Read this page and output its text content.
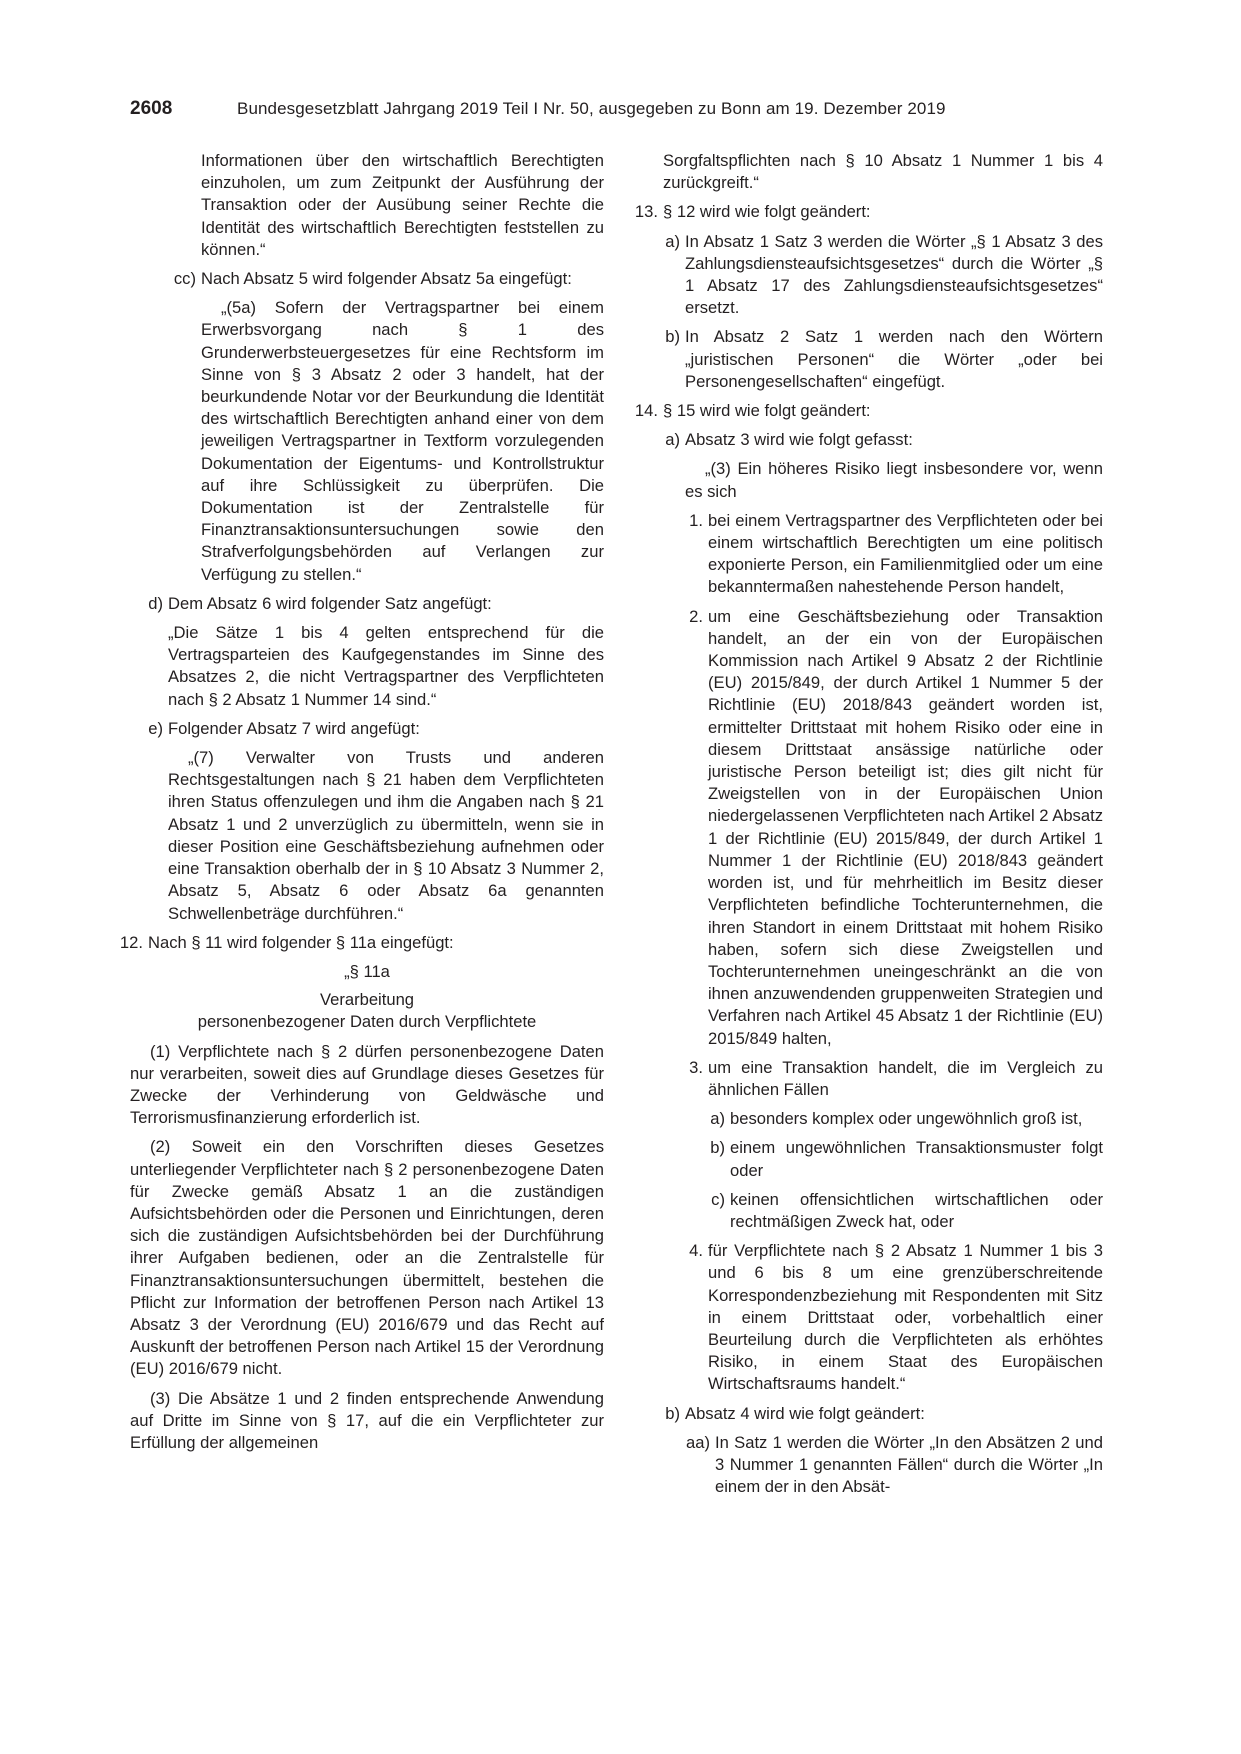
2608	Bundesgesetzblatt Jahrgang 2019 Teil I Nr. 50, ausgegeben zu Bonn am 19. Dezember 2019
Informationen über den wirtschaftlich Berechtigten einzuholen, um zum Zeitpunkt der Ausführung der Transaktion oder der Ausübung seiner Rechte die Identität des wirtschaftlich Berechtigten feststellen zu können.“
cc) Nach Absatz 5 wird folgender Absatz 5a eingefügt:
„(5a) Sofern der Vertragspartner bei einem Erwerbsvorgang nach § 1 des Grunderwerbsteuergesetzes für eine Rechtsform im Sinne von § 3 Absatz 2 oder 3 handelt, hat der beurkundende Notar vor der Beurkundung die Identität des wirtschaftlich Berechtigten anhand einer von dem jeweiligen Vertragspartner in Textform vorzulegenden Dokumentation der Eigentums- und Kontrollstruktur auf ihre Schlüssigkeit zu überprüfen. Die Dokumentation ist der Zentralstelle für Finanztransaktionsuntersuchungen sowie den Strafverfolgungsbehörden auf Verlangen zur Verfügung zu stellen.“
d) Dem Absatz 6 wird folgender Satz angefügt:
„Die Sätze 1 bis 4 gelten entsprechend für die Vertragsparteien des Kaufgegenstandes im Sinne des Absatzes 2, die nicht Vertragspartner des Verpflichteten nach § 2 Absatz 1 Nummer 14 sind.“
e) Folgender Absatz 7 wird angefügt:
„(7) Verwalter von Trusts und anderen Rechtsgestaltungen nach § 21 haben dem Verpflichteten ihren Status offenzulegen und ihm die Angaben nach § 21 Absatz 1 und 2 unverzüglich zu übermitteln, wenn sie in dieser Position eine Geschäftsbeziehung aufnehmen oder eine Transaktion oberhalb der in § 10 Absatz 3 Nummer 2, Absatz 5, Absatz 6 oder Absatz 6a genannten Schwellenbeträge durchführen.“
12. Nach § 11 wird folgender § 11a eingefügt:
„§ 11a
Verarbeitung
personenbezogener Daten durch Verpflichtete
(1) Verpflichtete nach § 2 dürfen personenbezogene Daten nur verarbeiten, soweit dies auf Grundlage dieses Gesetzes für Zwecke der Verhinderung von Geldwäsche und Terrorismusfinanzierung erforderlich ist.
(2) Soweit ein den Vorschriften dieses Gesetzes unterliegender Verpflichteter nach § 2 personenbezogene Daten für Zwecke gemäß Absatz 1 an die zuständigen Aufsichtsbehörden oder die Personen und Einrichtungen, deren sich die zuständigen Aufsichtsbehörden bei der Durchführung ihrer Aufgaben bedienen, oder an die Zentralstelle für Finanztransaktionsuntersuchungen übermittelt, bestehen die Pflicht zur Information der betroffenen Person nach Artikel 13 Absatz 3 der Verordnung (EU) 2016/679 und das Recht auf Auskunft der betroffenen Person nach Artikel 15 der Verordnung (EU) 2016/679 nicht.
(3) Die Absätze 1 und 2 finden entsprechende Anwendung auf Dritte im Sinne von § 17, auf die ein Verpflichteter zur Erfüllung der allgemeinen
Sorgfaltspflichten nach § 10 Absatz 1 Nummer 1 bis 4 zurückgreift.“
13. § 12 wird wie folgt geändert:
a) In Absatz 1 Satz 3 werden die Wörter „§ 1 Absatz 3 des Zahlungsdiensteaufsichtsgesetzes“ durch die Wörter „§ 1 Absatz 17 des Zahlungsdiensteaufsichtsgesetzes“ ersetzt.
b) In Absatz 2 Satz 1 werden nach den Wörtern „juristischen Personen“ die Wörter „oder bei Personengesellschaften“ eingefügt.
14. § 15 wird wie folgt geändert:
a) Absatz 3 wird wie folgt gefasst:
„(3) Ein höheres Risiko liegt insbesondere vor, wenn es sich
1. bei einem Vertragspartner des Verpflichteten oder bei einem wirtschaftlich Berechtigten um eine politisch exponierte Person, ein Familienmitglied oder um eine bekanntermaßen nahestehende Person handelt,
2. um eine Geschäftsbeziehung oder Transaktion handelt, an der ein von der Europäischen Kommission nach Artikel 9 Absatz 2 der Richtlinie (EU) 2015/849, der durch Artikel 1 Nummer 5 der Richtlinie (EU) 2018/843 geändert worden ist, ermittelter Drittstaat mit hohem Risiko oder eine in diesem Drittstaat ansässige natürliche oder juristische Person beteiligt ist; dies gilt nicht für Zweigstellen von in der Europäischen Union niedergelassenen Verpflichteten nach Artikel 2 Absatz 1 der Richtlinie (EU) 2015/849, der durch Artikel 1 Nummer 1 der Richtlinie (EU) 2018/843 geändert worden ist, und für mehrheitlich im Besitz dieser Verpflichteten befindliche Tochterunternehmen, die ihren Standort in einem Drittstaat mit hohem Risiko haben, sofern sich diese Zweigstellen und Tochterunternehmen uneingeschränkt an die von ihnen anzuwendenden gruppenweiten Strategien und Verfahren nach Artikel 45 Absatz 1 der Richtlinie (EU) 2015/849 halten,
3. um eine Transaktion handelt, die im Vergleich zu ähnlichen Fällen
a) besonders komplex oder ungewöhnlich groß ist,
b) einem ungewöhnlichen Transaktionsmuster folgt oder
c) keinen offensichtlichen wirtschaftlichen oder rechtmäßigen Zweck hat, oder
4. für Verpflichtete nach § 2 Absatz 1 Nummer 1 bis 3 und 6 bis 8 um eine grenzüberschreitende Korrespondenzbeziehung mit Respondenten mit Sitz in einem Drittstaat oder, vorbehaltlich einer Beurteilung durch die Verpflichteten als erhöhtes Risiko, in einem Staat des Europäischen Wirtschaftsraums handelt.“
b) Absatz 4 wird wie folgt geändert:
aa) In Satz 1 werden die Wörter „In den Absätzen 2 und 3 Nummer 1 genannten Fällen“ durch die Wörter „In einem der in den Absät-
